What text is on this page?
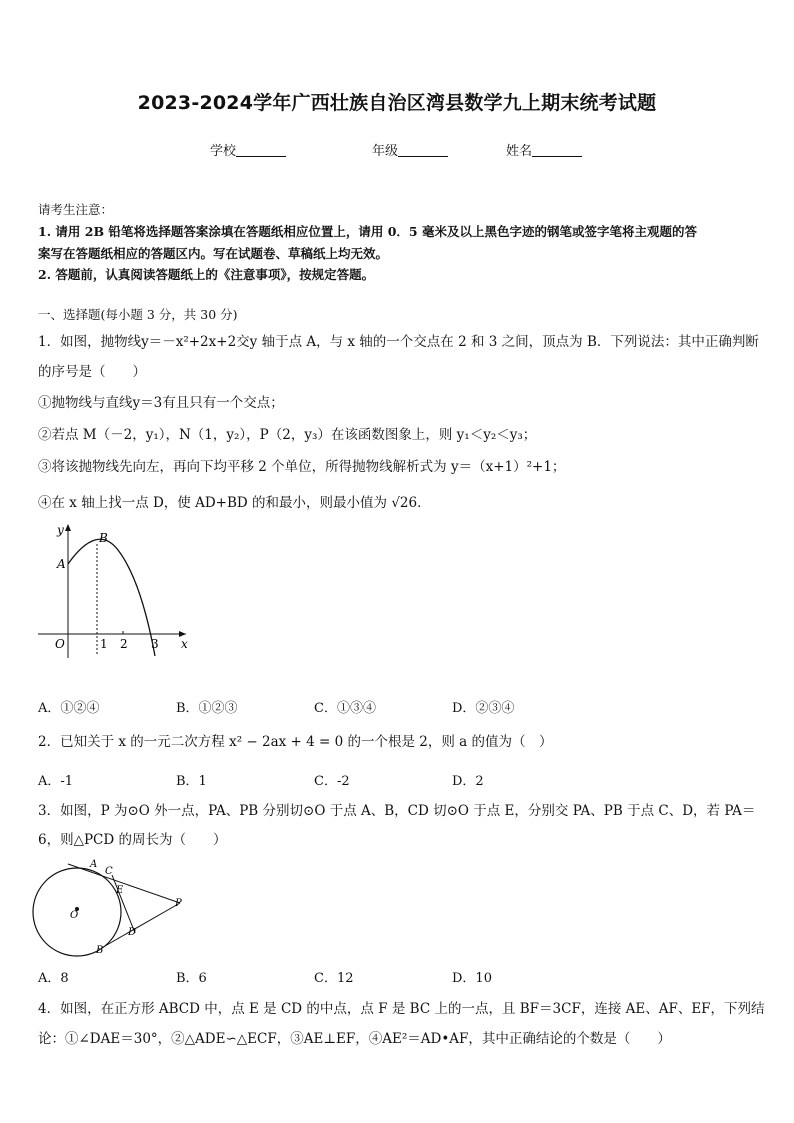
2023-2024学年广西壮族自治区湾县数学九上期末统考试题
学校	年级	姓名
请考生注意：
1. 请用 2B 铅笔将选择题答案涂填在答题纸相应位置上，请用 0．5 毫米及以上黑色字迹的钢笔或签字笔将主观题的答
案写在答题纸相应的答题区内。写在试题卷、草稿纸上均无效。
2. 答题前，认真阅读答题纸上的《注意事项》，按规定答题。
一、选择题(每小题 3 分，共 30 分)
1．如图，抛物线y＝－x²+2x+2交y 轴于点 A，与 x 轴的一个交点在 2 和 3 之间，顶点为 B．下列说法：其中正确判断
的序号是（　　）
①抛物线与直线y＝3有且只有一个交点；
②若点 M（－2，y₁），N（1，y₂），P（2，y₃）在该函数图象上，则 y₁＜y₂＜y₃；
③将该抛物线先向左，再向下均平移 2 个单位，所得抛物线解析式为 y＝（x+1）²+1；
④在 x 轴上找一点 D，使 AD+BD 的和最小，则最小值为 √26．
y
x
O
A
B
1 2 3
A．①②④	B．①②③	C．①③④	D．②③④
2．已知关于 x 的一元二次方程 x² − 2ax + 4 = 0 的一个根是 2，则 a 的值为（　）
A．-1	B．1	C．-2	D．2
3．如图，P 为⊙O 外一点，PA、PB 分别切⊙O 于点 A、B，CD 切⊙O 于点 E，分别交 PA、PB 于点 C、D，若 PA＝
6，则△PCD 的周长为（　　）
A
C
E
O
P
D
B
A．8	B．6	C．12	D．10
4．如图，在正方形 ABCD 中，点 E 是 CD 的中点，点 F 是 BC 上的一点，且 BF＝3CF，连接 AE、AF、EF，下列结
论：①∠DAE＝30°，②△ADE∽△ECF，③AE⊥EF，④AE²＝AD•AF，其中正确结论的个数是（　　）
